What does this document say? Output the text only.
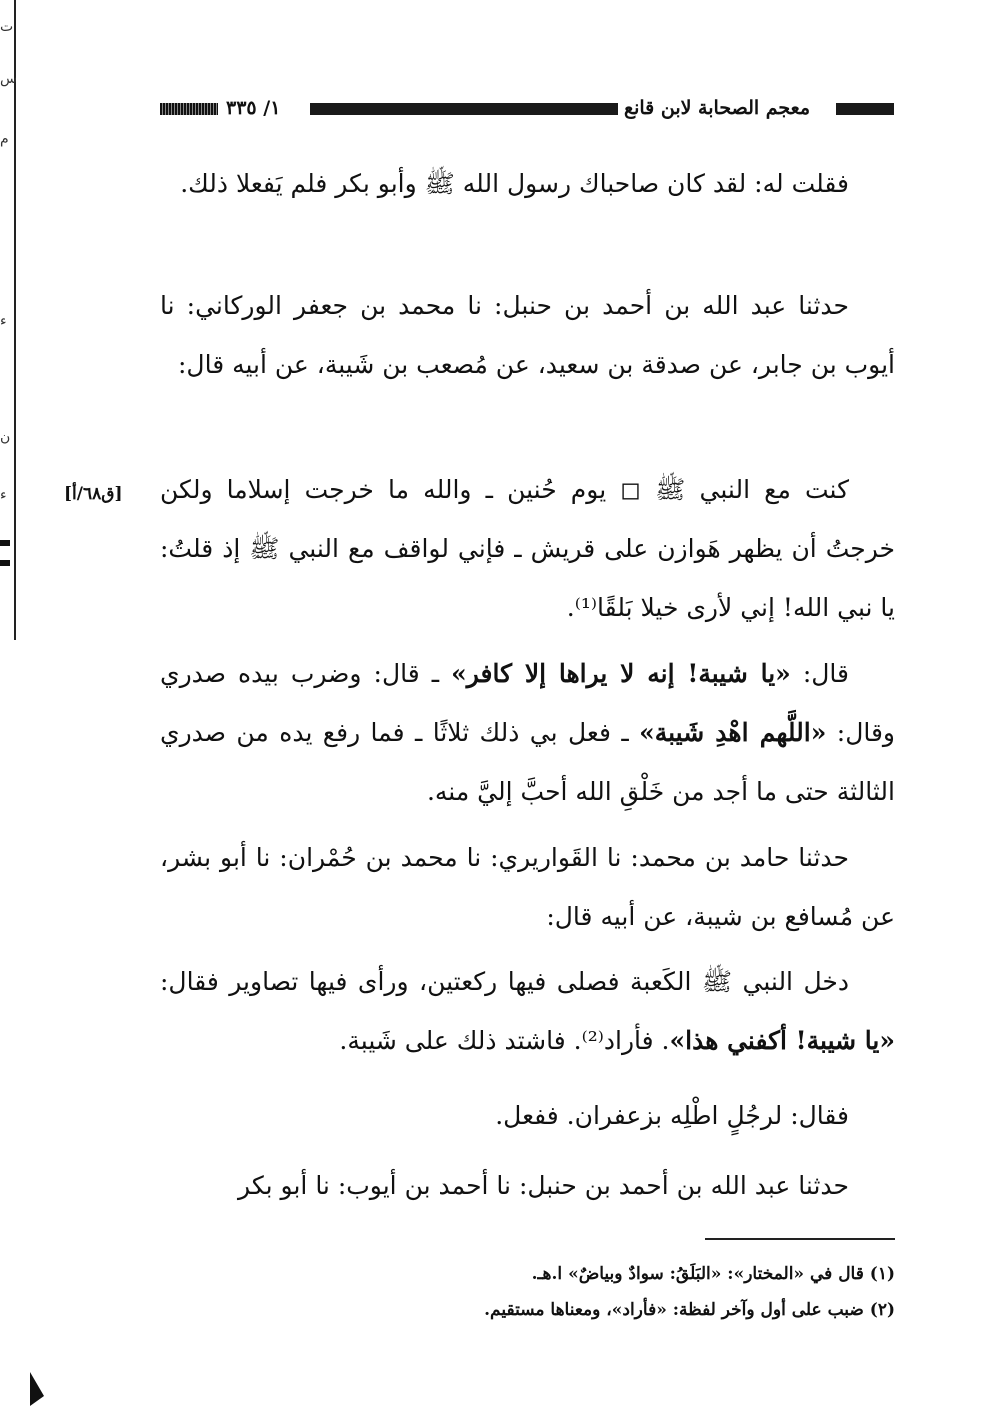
ت
س
م
ء
ن
ء
معجم الصحابة لابن قانع
١/ ٣٣٥

فقلت له: لقد كان صاحباك رسول الله ﷺ وأبو بكر فلم يَفعلا ذلك.

حدثنا عبد الله بن أحمد بن حنبل: نا محمد بن جعفر الوركاني: نا أيوب بن جابر، عن صدقة بن سعيد، عن مُصعب بن شَيبة، عن أبيه قال:

[ق٦٨/أ] كنت مع النبي ﷺ ◻ يوم حُنين ـ والله ما خرجت إسلاما ولكن خرجتُ أن يظهر هَوازن على قريش ـ فإني لواقف مع النبي ﷺ إذ قلتُ: يا نبي الله! إني لأرى خيلا بَلقًا⁽¹⁾.

قال: «يا شيبة! إنه لا يراها إلا كافر» ـ قال: وضرب بيده صدري وقال: «اللَّهم اهْدِ شَيبة» ـ فعل بي ذلك ثلاثًا ـ فما رفع يده من صدري الثالثة حتى ما أجد من خَلْقِ الله أحبَّ إليَّ منه.

حدثنا حامد بن محمد: نا القَواريري: نا محمد بن حُمْران: نا أبو بشر، عن مُسافع بن شيبة، عن أبيه قال:

دخل النبي ﷺ الكَعبة فصلى فيها ركعتين، ورأى فيها تصاوير فقال: «يا شيبة! أكفني هذا». فأراد⁽²⁾. فاشتد ذلك على شَيبة.

فقال: لرجُلٍ اطْلِه بزعفران. ففعل.

حدثنا عبد الله بن أحمد بن حنبل: نا أحمد بن أيوب: نا أبو بكر

(١) قال في «المختار»: «البَلَقُ: سوادٌ وبياضٌ» ا.هـ.

(٢) ضبب على أول وآخر لفظة: «فأراد»، ومعناها مستقيم.
